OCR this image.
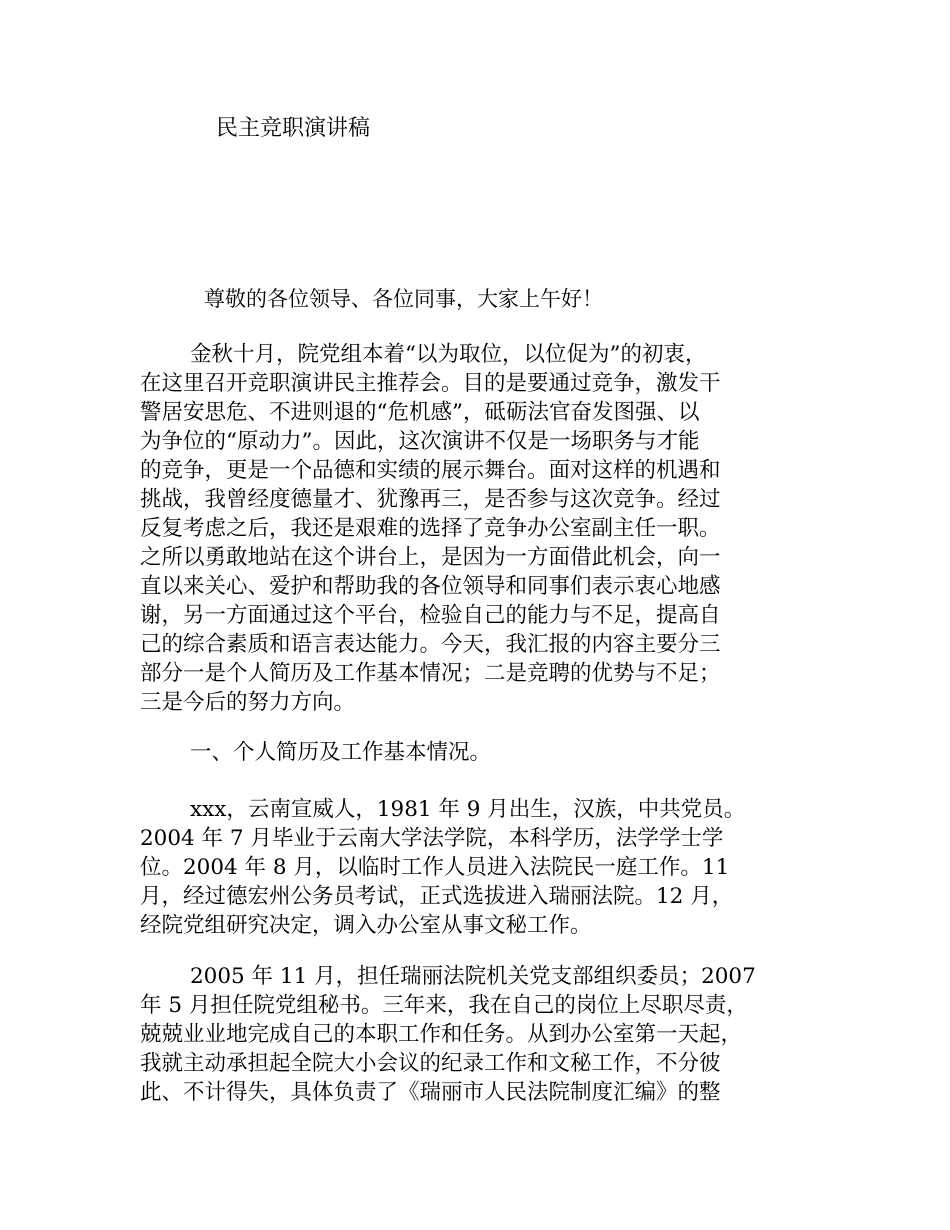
民主竞职演讲稿

尊敬的各位领导、各位同事，大家上午好！

金秋十月，院党组本着“以为取位，以位促为”的初衷，
在这里召开竞职演讲民主推荐会。目的是要通过竞争，激发干
警居安思危、不进则退的“危机感”，砥砺法官奋发图强、以
为争位的“原动力”。因此，这次演讲不仅是一场职务与才能
的竞争，更是一个品德和实绩的展示舞台。面对这样的机遇和
挑战，我曾经度德量才、犹豫再三，是否参与这次竞争。经过
反复考虑之后，我还是艰难的选择了竞争办公室副主任一职。
之所以勇敢地站在这个讲台上，是因为一方面借此机会，向一
直以来关心、爱护和帮助我的各位领导和同事们表示衷心地感
谢，另一方面通过这个平台，检验自己的能力与不足，提高自
己的综合素质和语言表达能力。今天，我汇报的内容主要分三
部分一是个人简历及工作基本情况；二是竞聘的优势与不足；
三是今后的努力方向。
一、个人简历及工作基本情况。
xxx，云南宣威人，1981 年 9 月出生，汉族，中共党员。
2004 年 7 月毕业于云南大学法学院，本科学历，法学学士学
位。2004 年 8 月，以临时工作人员进入法院民一庭工作。11
月，经过德宏州公务员考试，正式选拔进入瑞丽法院。12 月，
经院党组研究决定，调入办公室从事文秘工作。
2005 年 11 月，担任瑞丽法院机关党支部组织委员；2007
年 5 月担任院党组秘书。三年来，我在自己的岗位上尽职尽责，
兢兢业业地完成自己的本职工作和任务。从到办公室第一天起，
我就主动承担起全院大小会议的纪录工作和文秘工作，不分彼
此、不计得失，具体负责了《瑞丽市人民法院制度汇编》的整
